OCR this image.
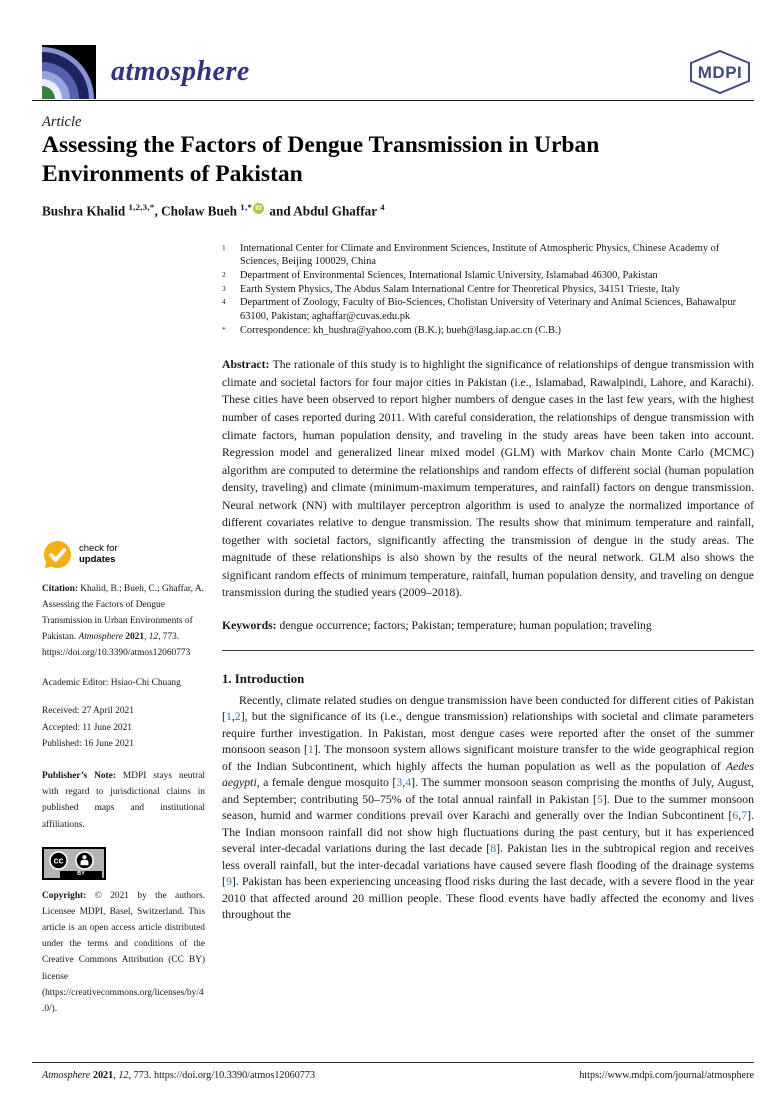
atmosphere	MDPI
Article
Assessing the Factors of Dengue Transmission in Urban Environments of Pakistan
Bushra Khalid $^{1,2,3,*}$, Cholaw Bueh $^{1,*}$ iD and Abdul Ghaffar $^4$
check for
updates
Citation: Khalid, B.; Bueh, C.; Ghaffar, A. Assessing the Factors of Dengue Transmission in Urban Environments of Pakistan. Atmosphere 2021, 12, 773. https://doi.org/10.3390/atmos12060773
Academic Editor: Hsiao-Chi Chuang
Received: 27 April 2021
Accepted: 11 June 2021
Published: 16 June 2021
Publisher’s Note: MDPI stays neutral with regard to jurisdictional claims in published maps and institutional affiliations.
cc
BY
Copyright: © 2021 by the authors. Licensee MDPI, Basel, Switzerland. This article is an open access article distributed under the terms and conditions of the Creative Commons Attribution (CC BY) license (https://creativecommons.org/licenses/by/4.0/).
1	International Center for Climate and Environment Sciences, Institute of Atmospheric Physics, Chinese Academy of Sciences, Beijing 100029, China
2	Department of Environmental Sciences, International Islamic University, Islamabad 46300, Pakistan
3	Earth System Physics, The Abdus Salam International Centre for Theoretical Physics, 34151 Trieste, Italy
4	Department of Zoology, Faculty of Bio-Sciences, Cholistan University of Veterinary and Animal Sciences, Bahawalpur 63100, Pakistan; aghaffar@cuvas.edu.pk
*	Correspondence: kh_bushra@yahoo.com (B.K.); bueh@lasg.iap.ac.cn (C.B.)
Abstract: The rationale of this study is to highlight the significance of relationships of dengue transmission with climate and societal factors for four major cities in Pakistan (i.e., Islamabad, Rawalpindi, Lahore, and Karachi). These cities have been observed to report higher numbers of dengue cases in the last few years, with the highest number of cases reported during 2011. With careful consideration, the relationships of dengue transmission with climate factors, human population density, and traveling in the study areas have been taken into account. Regression model and generalized linear mixed model (GLM) with Markov chain Monte Carlo (MCMC) algorithm are computed to determine the relationships and random effects of different social (human population density, traveling) and climate (minimum-maximum temperatures, and rainfall) factors on dengue transmission. Neural network (NN) with multilayer perceptron algorithm is used to analyze the normalized importance of different covariates relative to dengue transmission. The results show that minimum temperature and rainfall, together with societal factors, significantly affecting the transmission of dengue in the study areas. The magnitude of these relationships is also shown by the results of the neural network. GLM also shows the significant random effects of minimum temperature, rainfall, human population density, and traveling on dengue transmission during the studied years (2009–2018).
Keywords: dengue occurrence; factors; Pakistan; temperature; human population; traveling
1. Introduction
Recently, climate related studies on dengue transmission have been conducted for different cities of Pakistan [1,2], but the significance of its (i.e., dengue transmission) relationships with societal and climate parameters require further investigation. In Pakistan, most dengue cases were reported after the onset of the summer monsoon season [1]. The monsoon system allows significant moisture transfer to the wide geographical region of the Indian Subcontinent, which highly affects the human population as well as the population of Aedes aegypti, a female dengue mosquito [3,4]. The summer monsoon season comprising the months of July, August, and September; contributing 50–75% of the total annual rainfall in Pakistan [5]. Due to the summer monsoon season, humid and warmer conditions prevail over Karachi and generally over the Indian Subcontinent [6,7]. The Indian monsoon rainfall did not show high fluctuations during the past century, but it has experienced several inter-decadal variations during the last decade [8]. Pakistan lies in the subtropical region and receives less overall rainfall, but the inter-decadal variations have caused severe flash flooding of the drainage systems [9]. Pakistan has been experiencing unceasing flood risks during the last decade, with a severe flood in the year 2010 that affected around 20 million people. These flood events have badly affected the economy and lives throughout the
Atmosphere 2021, 12, 773. https://doi.org/10.3390/atmos12060773	https://www.mdpi.com/journal/atmosphere
